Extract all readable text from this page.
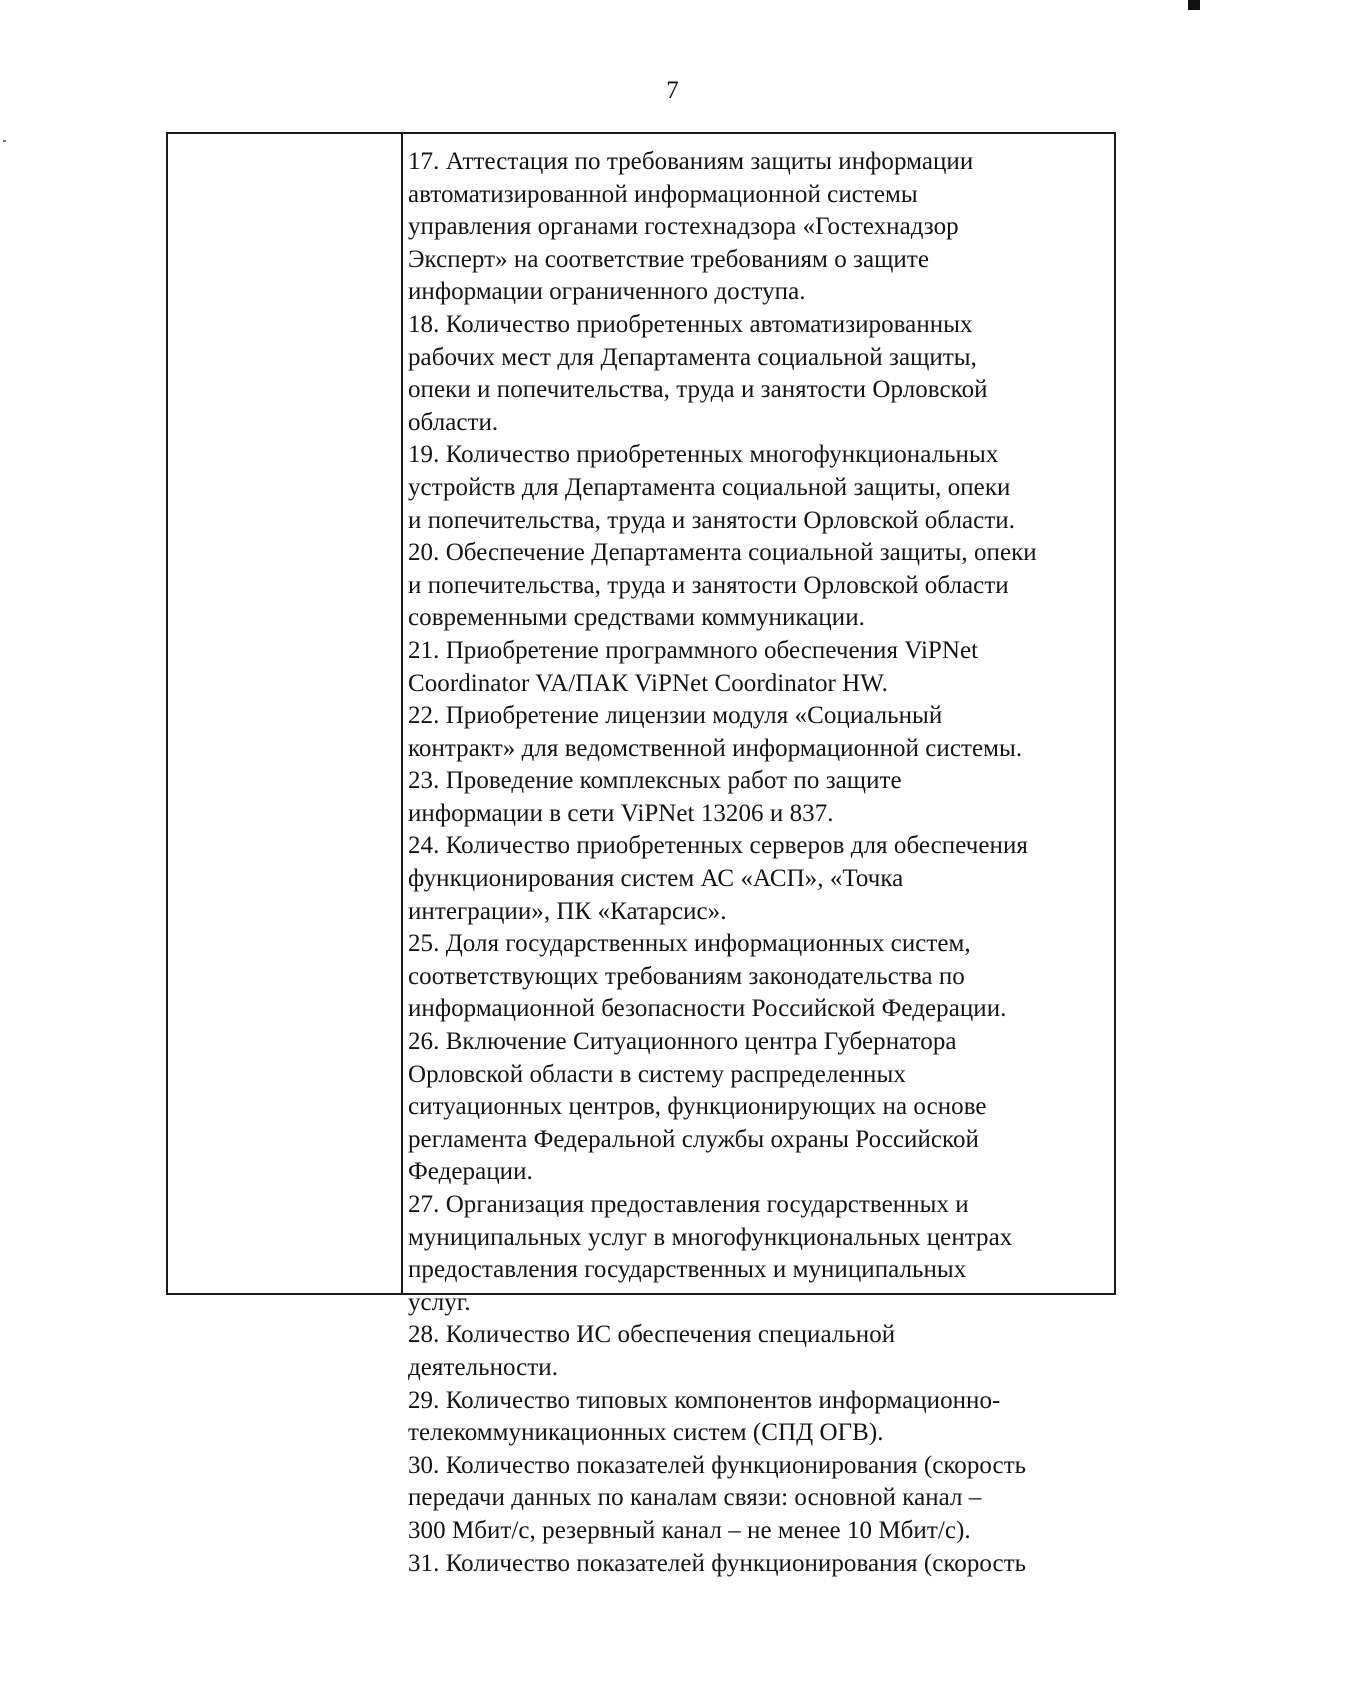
7

17. Аттестация по требованиям защиты информации
автоматизированной информационной системы
управления органами гостехнадзора «Гостехнадзор
Эксперт» на соответствие требованиям о защите
информации ограниченного доступа.

18. Количество приобретенных автоматизированных
рабочих мест для Департамента социальной защиты,
опеки и попечительства, труда и занятости Орловской
области.

19. Количество приобретенных многофункциональных
устройств для Департамента социальной защиты, опеки
и попечительства, труда и занятости Орловской области.

20. Обеспечение Департамента социальной защиты, опеки
и попечительства, труда и занятости Орловской области
современными средствами коммуникации.

21. Приобретение программного обеспечения ViPNet
Coordinator VA/ПАК ViPNet Coordinator HW.

22. Приобретение лицензии модуля «Социальный
контракт» для ведомственной информационной системы.

23. Проведение комплексных работ по защите
информации в сети ViPNet 13206 и 837.

24. Количество приобретенных серверов для обеспечения
функционирования систем АС «АСП», «Точка
интеграции», ПК «Катарсис».

25. Доля государственных информационных систем,
соответствующих требованиям законодательства по
информационной безопасности Российской Федерации.

26. Включение Ситуационного центра Губернатора
Орловской области в систему распределенных
ситуационных центров, функционирующих на основе
регламента Федеральной службы охраны Российской
Федерации.

27. Организация предоставления государственных и
муниципальных услуг в многофункциональных центрах
предоставления государственных и муниципальных
услуг.

28. Количество ИС обеспечения специальной
деятельности.

29. Количество типовых компонентов информационно-
телекоммуникационных систем (СПД ОГВ).

30. Количество показателей функционирования (скорость
передачи данных по каналам связи: основной канал –
300 Мбит/с, резервный канал – не менее 10 Мбит/с).

31. Количество показателей функционирования (скорость
